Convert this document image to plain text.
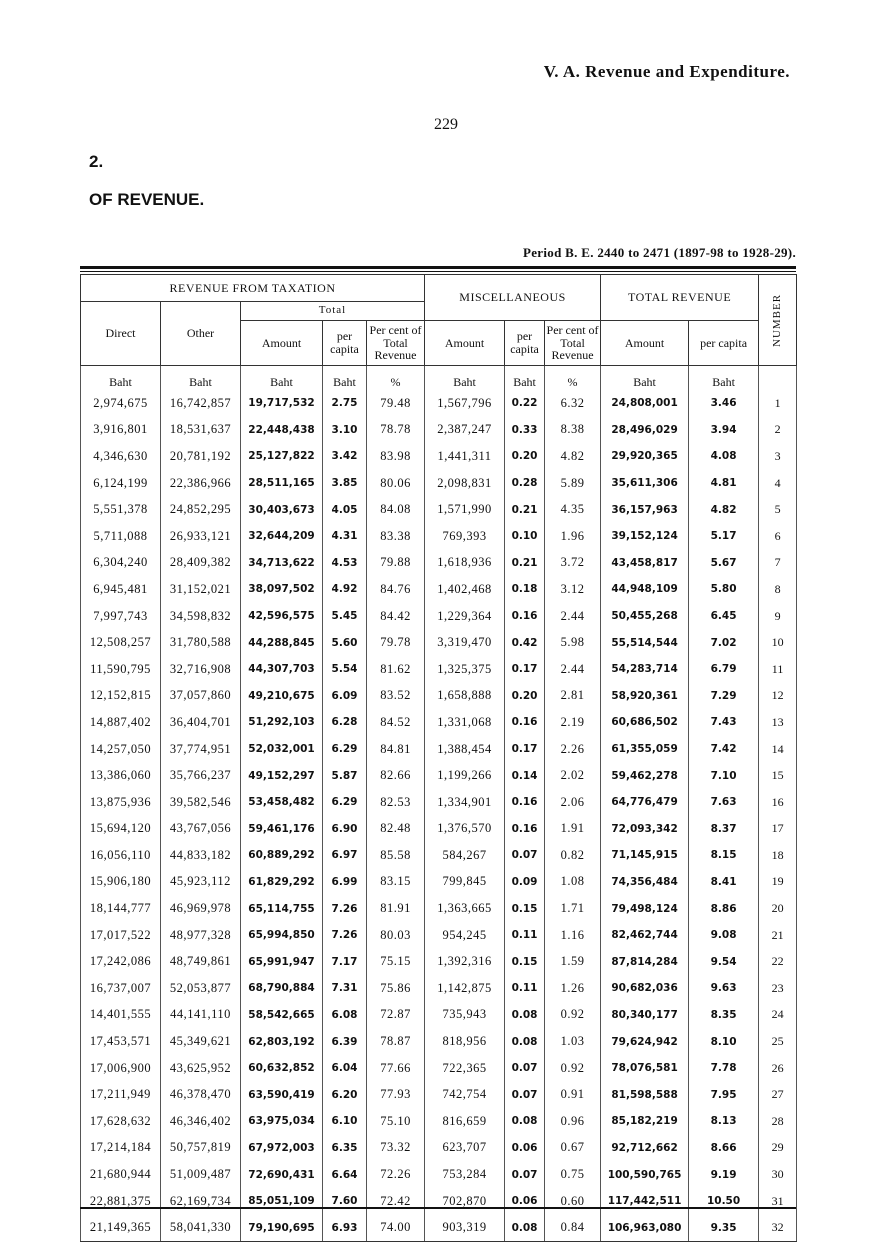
V. A. Revenue and Expenditure.
229
2.
OF REVENUE.
Period B. E. 2440 to 2471 (1897-98 to 1928-29).
REVENUE FROM TAXATION					MISCELLANEOUS			TOTAL REVENUE		NUMBER
Direct	Other	Total								
		Amount	per capita	Per cent of Total Revenue	Amount	per capita	Per cent of Total Revenue	Amount	per capita	
Baht	Baht	Baht	Baht	%	Baht	Baht	%	Baht	Baht	
2,974,675	16,742,857	19,717,532	2.75	79.48	1,567,796	0.22	6.32	24,808,001	3.46	1
3,916,801	18,531,637	22,448,438	3.10	78.78	2,387,247	0.33	8.38	28,496,029	3.94	2
4,346,630	20,781,192	25,127,822	3.42	83.98	1,441,311	0.20	4.82	29,920,365	4.08	3
6,124,199	22,386,966	28,511,165	3.85	80.06	2,098,831	0.28	5.89	35,611,306	4.81	4
5,551,378	24,852,295	30,403,673	4.05	84.08	1,571,990	0.21	4.35	36,157,963	4.82	5
5,711,088	26,933,121	32,644,209	4.31	83.38	769,393	0.10	1.96	39,152,124	5.17	6
6,304,240	28,409,382	34,713,622	4.53	79.88	1,618,936	0.21	3.72	43,458,817	5.67	7
6,945,481	31,152,021	38,097,502	4.92	84.76	1,402,468	0.18	3.12	44,948,109	5.80	8
7,997,743	34,598,832	42,596,575	5.45	84.42	1,229,364	0.16	2.44	50,455,268	6.45	9
12,508,257	31,780,588	44,288,845	5.60	79.78	3,319,470	0.42	5.98	55,514,544	7.02	10
11,590,795	32,716,908	44,307,703	5.54	81.62	1,325,375	0.17	2.44	54,283,714	6.79	11
12,152,815	37,057,860	49,210,675	6.09	83.52	1,658,888	0.20	2.81	58,920,361	7.29	12
14,887,402	36,404,701	51,292,103	6.28	84.52	1,331,068	0.16	2.19	60,686,502	7.43	13
14,257,050	37,774,951	52,032,001	6.29	84.81	1,388,454	0.17	2.26	61,355,059	7.42	14
13,386,060	35,766,237	49,152,297	5.87	82.66	1,199,266	0.14	2.02	59,462,278	7.10	15
13,875,936	39,582,546	53,458,482	6.29	82.53	1,334,901	0.16	2.06	64,776,479	7.63	16
15,694,120	43,767,056	59,461,176	6.90	82.48	1,376,570	0.16	1.91	72,093,342	8.37	17
16,056,110	44,833,182	60,889,292	6.97	85.58	584,267	0.07	0.82	71,145,915	8.15	18
15,906,180	45,923,112	61,829,292	6.99	83.15	799,845	0.09	1.08	74,356,484	8.41	19
18,144,777	46,969,978	65,114,755	7.26	81.91	1,363,665	0.15	1.71	79,498,124	8.86	20
17,017,522	48,977,328	65,994,850	7.26	80.03	954,245	0.11	1.16	82,462,744	9.08	21
17,242,086	48,749,861	65,991,947	7.17	75.15	1,392,316	0.15	1.59	87,814,284	9.54	22
16,737,007	52,053,877	68,790,884	7.31	75.86	1,142,875	0.11	1.26	90,682,036	9.63	23
14,401,555	44,141,110	58,542,665	6.08	72.87	735,943	0.08	0.92	80,340,177	8.35	24
17,453,571	45,349,621	62,803,192	6.39	78.87	818,956	0.08	1.03	79,624,942	8.10	25
17,006,900	43,625,952	60,632,852	6.04	77.66	722,365	0.07	0.92	78,076,581	7.78	26
17,211,949	46,378,470	63,590,419	6.20	77.93	742,754	0.07	0.91	81,598,588	7.95	27
17,628,632	46,346,402	63,975,034	6.10	75.10	816,659	0.08	0.96	85,182,219	8.13	28
17,214,184	50,757,819	67,972,003	6.35	73.32	623,707	0.06	0.67	92,712,662	8.66	29
21,680,944	51,009,487	72,690,431	6.64	72.26	753,284	0.07	0.75	100,590,765	9.19	30
22,881,375	62,169,734	85,051,109	7.60	72.42	702,870	0.06	0.60	117,442,511	10.50	31
21,149,365	58,041,330	79,190,695	6.93	74.00	903,319	0.08	0.84	106,963,080	9.35	32
